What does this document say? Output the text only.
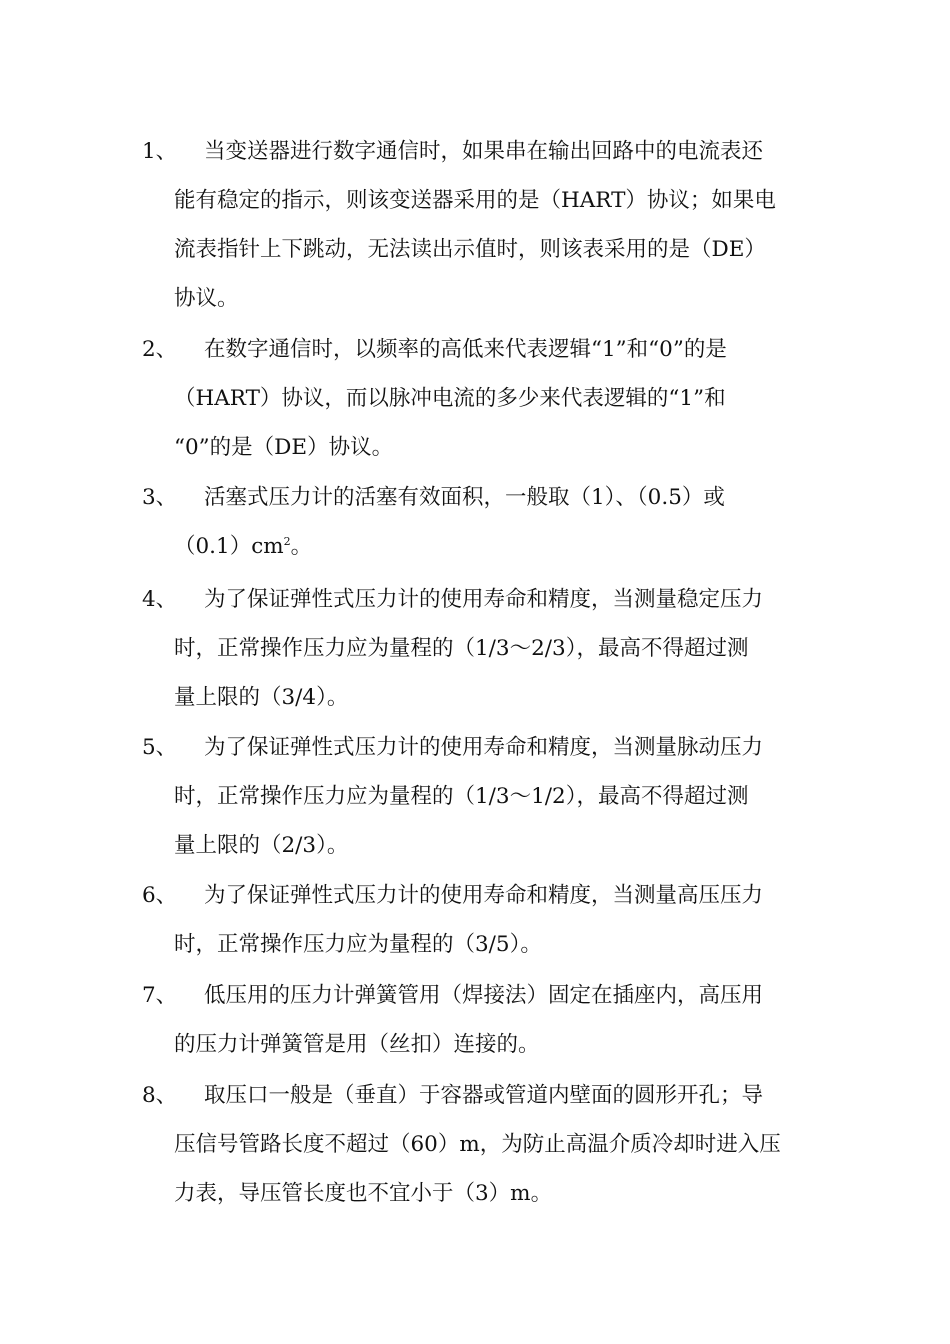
1、	当变送器进行数字通信时，如果串在输出回路中的电流表还
能有稳定的指示，则该变送器采用的是（HART）协议；如果电
流表指针上下跳动，无法读出示值时，则该表采用的是（DE）
协议。
2、	在数字通信时，以频率的高低来代表逻辑“1”和“0”的是
（HART）协议，而以脉冲电流的多少来代表逻辑的“1”和
“0”的是（DE）协议。
3、	活塞式压力计的活塞有效面积，一般取（1）、（0.5）或
$(0.1)cm^2$。
4、	为了保证弹性式压力计的使用寿命和精度，当测量稳定压力
时，正常操作压力应为量程的（1/3～2/3），最高不得超过测
量上限的（3/4）。
5、	为了保证弹性式压力计的使用寿命和精度，当测量脉动压力
时，正常操作压力应为量程的（1/3～1/2），最高不得超过测
量上限的（2/3）。
6、	为了保证弹性式压力计的使用寿命和精度，当测量高压压力
时，正常操作压力应为量程的（3/5）。
7、	低压用的压力计弹簧管用（焊接法）固定在插座内，高压用
的压力计弹簧管是用（丝扣）连接的。
8、	取压口一般是（垂直）于容器或管道内壁面的圆形开孔；导
压信号管路长度不超过（60）m，为防止高温介质冷却时进入压
力表，导压管长度也不宜小于（3）m。
